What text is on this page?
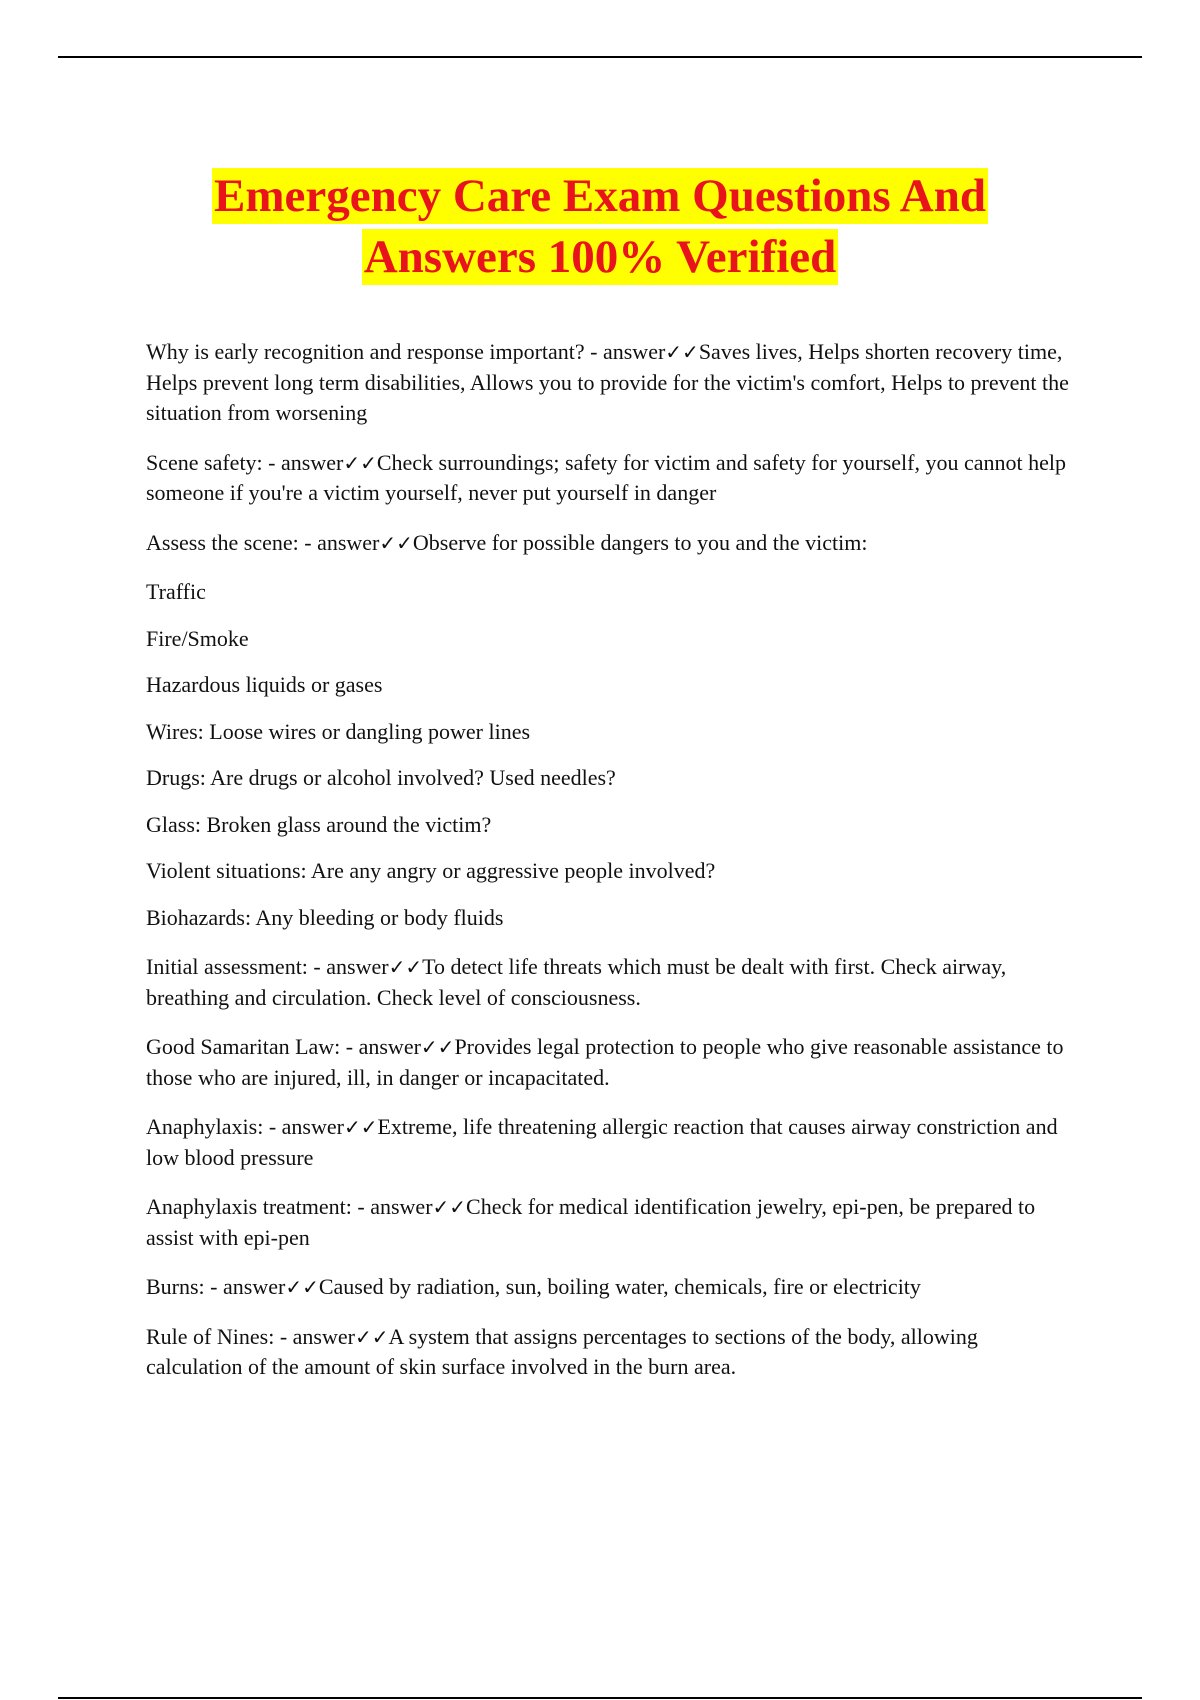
Emergency Care Exam Questions And
Answers 100% Verified

Why is early recognition and response important? - answer✓✓Saves lives, Helps shorten recovery time, Helps prevent long term disabilities, Allows you to provide for the victim's comfort, Helps to prevent the situation from worsening

Scene safety: - answer✓✓Check surroundings; safety for victim and safety for yourself, you cannot help someone if you're a victim yourself, never put yourself in danger

Assess the scene: - answer✓✓Observe for possible dangers to you and the victim:

Traffic

Fire/Smoke

Hazardous liquids or gases

Wires: Loose wires or dangling power lines

Drugs: Are drugs or alcohol involved? Used needles?

Glass: Broken glass around the victim?

Violent situations: Are any angry or aggressive people involved?

Biohazards: Any bleeding or body fluids

Initial assessment: - answer✓✓To detect life threats which must be dealt with first. Check airway, breathing and circulation. Check level of consciousness.

Good Samaritan Law: - answer✓✓Provides legal protection to people who give reasonable assistance to those who are injured, ill, in danger or incapacitated.

Anaphylaxis: - answer✓✓Extreme, life threatening allergic reaction that causes airway constriction and low blood pressure

Anaphylaxis treatment: - answer✓✓Check for medical identification jewelry, epi-pen, be prepared to assist with epi-pen

Burns: - answer✓✓Caused by radiation, sun, boiling water, chemicals, fire or electricity

Rule of Nines: - answer✓✓A system that assigns percentages to sections of the body, allowing calculation of the amount of skin surface involved in the burn area.
